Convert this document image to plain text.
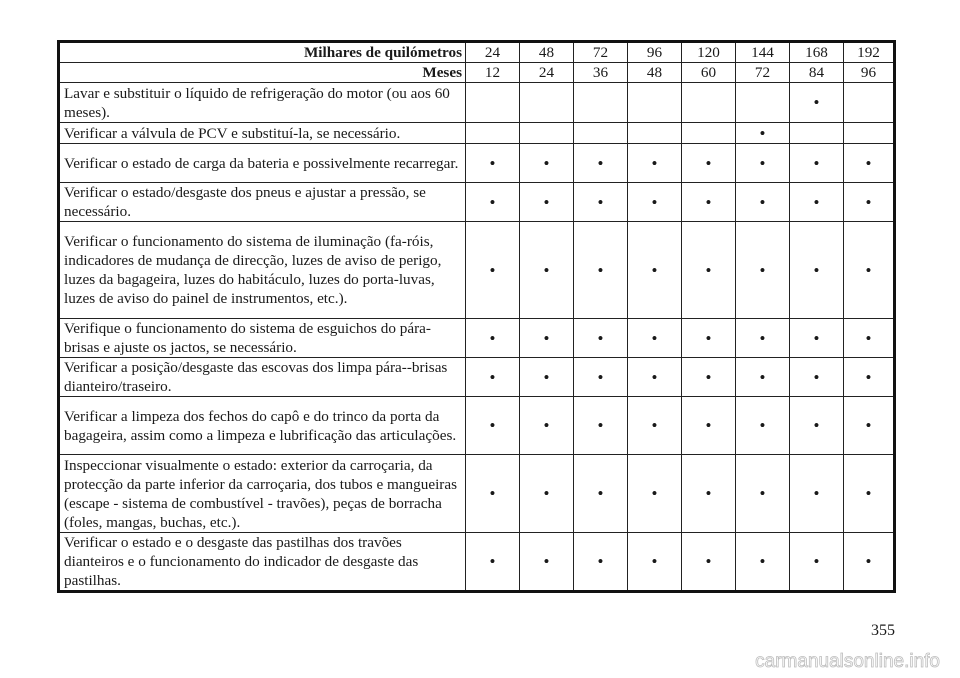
Milhares de quilómetros	24	48	72	96	120	144	168	192
Meses	12	24	36	48	60	72	84	96
Lavar e substituir o líquido de refrigeração do motor (ou aos 60 meses).							•	
Verificar a válvula de PCV e substituí-la, se necessário.						•		
Verificar o estado de carga da bateria e possivelmente recarregar.	•	•	•	•	•	•	•	•
Verificar o estado/desgaste dos pneus e ajustar a pressão, se necessário.	•	•	•	•	•	•	•	•
Verificar o funcionamento do sistema de iluminação (fa-róis, indicadores de mudança de direcção, luzes de aviso de perigo, luzes da bagageira, luzes do habitáculo, luzes do porta-luvas, luzes de aviso do painel de instrumentos, etc.).	•	•	•	•	•	•	•	•
Verifique o funcionamento do sistema de esguichos do pára-brisas e ajuste os jactos, se necessário.	•	•	•	•	•	•	•	•
Verificar a posição/desgaste das escovas dos limpa pára--brisas dianteiro/traseiro.	•	•	•	•	•	•	•	•
Verificar a limpeza dos fechos do capô e do trinco da porta da bagageira, assim como a limpeza e lubrificação das articulações.	•	•	•	•	•	•	•	•
Inspeccionar visualmente o estado: exterior da carroçaria, da protecção da parte inferior da carroçaria, dos tubos e mangueiras (escape - sistema de combustível - travões), peças de borracha (foles, mangas, buchas, etc.).	•	•	•	•	•	•	•	•
Verificar o estado e o desgaste das pastilhas dos travões dianteiros e o funcionamento do indicador de desgaste das pastilhas.	•	•	•	•	•	•	•	•
355
carmanualsonline.info
